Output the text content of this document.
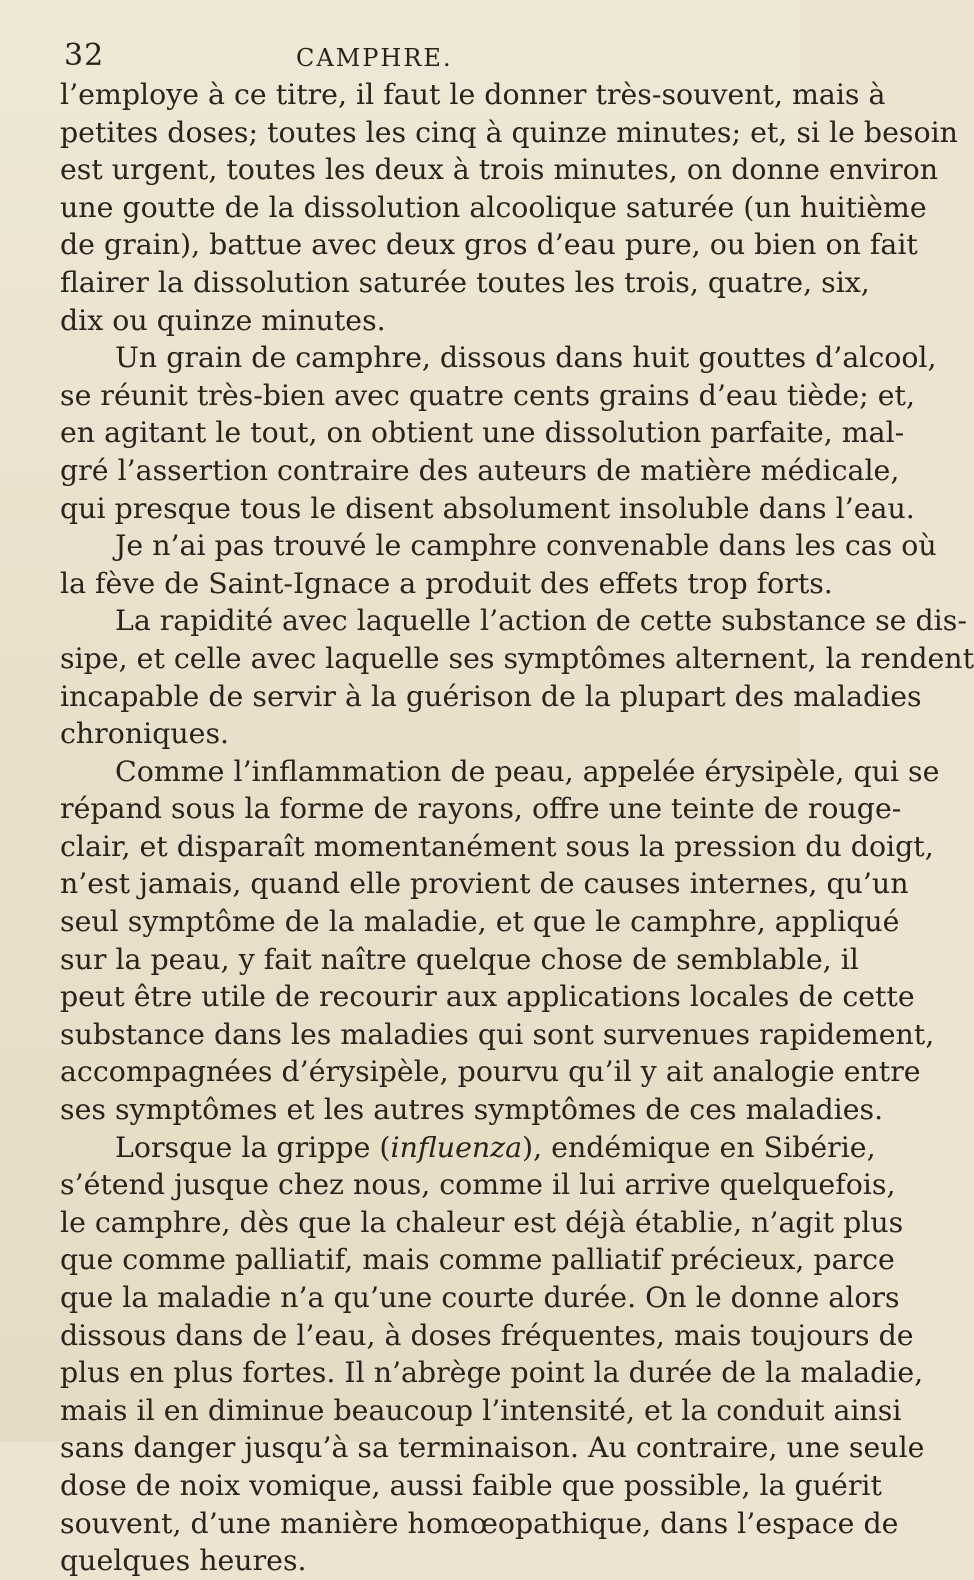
32	CAMPHRE.
l’employe à ce titre, il faut le donner très-souvent, mais à
petites doses; toutes les cinq à quinze minutes; et, si le besoin
est urgent, toutes les deux à trois minutes, on donne environ
une goutte de la dissolution alcoolique saturée (un huitième
de grain), battue avec deux gros d’eau pure, ou bien on fait
flairer la dissolution saturée toutes les trois, quatre, six,
dix ou quinze minutes.
Un grain de camphre, dissous dans huit gouttes d’alcool,
se réunit très-bien avec quatre cents grains d’eau tiède; et,
en agitant le tout, on obtient une dissolution parfaite, mal-
gré l’assertion contraire des auteurs de matière médicale,
qui presque tous le disent absolument insoluble dans l’eau.
Je n’ai pas trouvé le camphre convenable dans les cas où
la fève de Saint-Ignace a produit des effets trop forts.
La rapidité avec laquelle l’action de cette substance se dis-
sipe, et celle avec laquelle ses symptômes alternent, la rendent
incapable de servir à la guérison de la plupart des maladies
chroniques.
Comme l’inflammation de peau, appelée érysipèle, qui se
répand sous la forme de rayons, offre une teinte de rouge-
clair, et disparaît momentanément sous la pression du doigt,
n’est jamais, quand elle provient de causes internes, qu’un
seul symptôme de la maladie, et que le camphre, appliqué
sur la peau, y fait naître quelque chose de semblable, il
peut être utile de recourir aux applications locales de cette
substance dans les maladies qui sont survenues rapidement,
accompagnées d’érysipèle, pourvu qu’il y ait analogie entre
ses symptômes et les autres symptômes de ces maladies.
Lorsque la grippe (influenza), endémique en Sibérie,
s’étend jusque chez nous, comme il lui arrive quelquefois,
le camphre, dès que la chaleur est déjà établie, n’agit plus
que comme palliatif, mais comme palliatif précieux, parce
que la maladie n’a qu’une courte durée. On le donne alors
dissous dans de l’eau, à doses fréquentes, mais toujours de
plus en plus fortes. Il n’abrège point la durée de la maladie,
mais il en diminue beaucoup l’intensité, et la conduit ainsi
sans danger jusqu’à sa terminaison. Au contraire, une seule
dose de noix vomique, aussi faible que possible, la guérit
souvent, d’une manière homœopathique, dans l’espace de
quelques heures.
